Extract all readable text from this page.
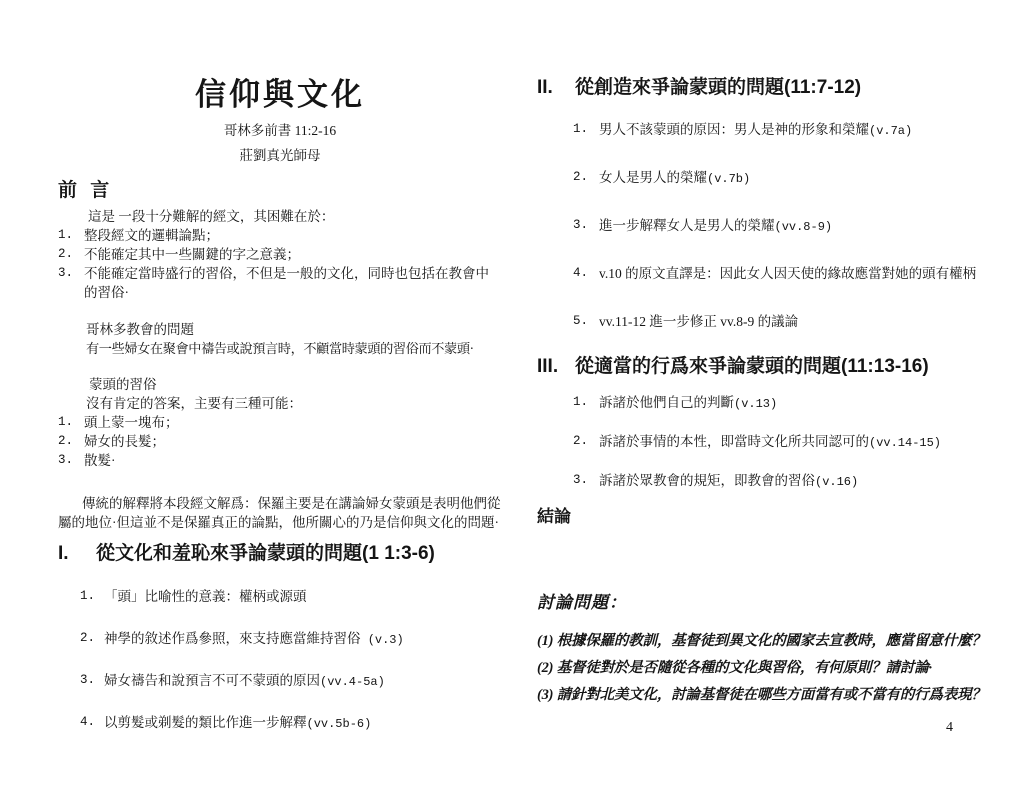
信仰與文化
哥林多前書 11:2-16
莊劉真光師母
前 言
這是 一段十分難解的經文，其困難在於：
1. 整段經文的邏輯論點；
2. 不能確定其中一些關鍵的字之意義；
3. 不能確定當時盛行的習俗，不但是一般的文化，同時也包括在教會中的習俗·
哥林多教會的問題
有一些婦女在聚會中禱告或說預言時，不顧當時蒙頭的習俗而不蒙頭·
蒙頭的習俗
沒有肯定的答案，主要有三種可能：
1. 頭上蒙一塊布；
2. 婦女的長髮；
3. 散髮·
傳統的解釋將本段經文解爲：保羅主要是在講論婦女蒙頭是表明他們從屬的地位·但這並不是保羅真正的論點，他所關心的乃是信仰與文化的問題·
I. 從文化和羞恥來爭論蒙頭的問題(1 1:3-6)
1. 「頭」比喻性的意義：權柄或源頭
2. 神學的敘述作爲參照，來支持應當維持習俗 (v.3)
3. 婦女禱告和說預言不可不蒙頭的原因(vv.4-5a)
4. 以剪髮或剃髮的類比作進一步解釋(vv.5b-6)
II. 從創造來爭論蒙頭的問題(11:7-12)
1. 男人不該蒙頭的原因：男人是神的形象和榮耀(v.7a)
2. 女人是男人的榮耀(v.7b)
3. 進一步解釋女人是男人的榮耀(vv.8-9)
4. v.10 的原文直譯是：因此女人因天使的緣故應當對她的頭有權柄
5. vv.11-12 進一步修正 vv.8-9 的議論
III. 從適當的行爲來爭論蒙頭的問題(11:13-16)
1. 訴諸於他們自己的判斷(v.13)
2. 訴諸於事情的本性，即當時文化所共同認可的(vv.14-15)
3. 訴諸於眾教會的規矩，即教會的習俗(v.16)
結論
討論問題：
(1) 根據保羅的教訓，基督徒到異文化的國家去宣教時，應當留意什麼？
(2) 基督徒對於是否隨從各種的文化與習俗，有何原則？請討論·
(3) 請針對北美文化，討論基督徒在哪些方面當有或不當有的行爲表現？
4
